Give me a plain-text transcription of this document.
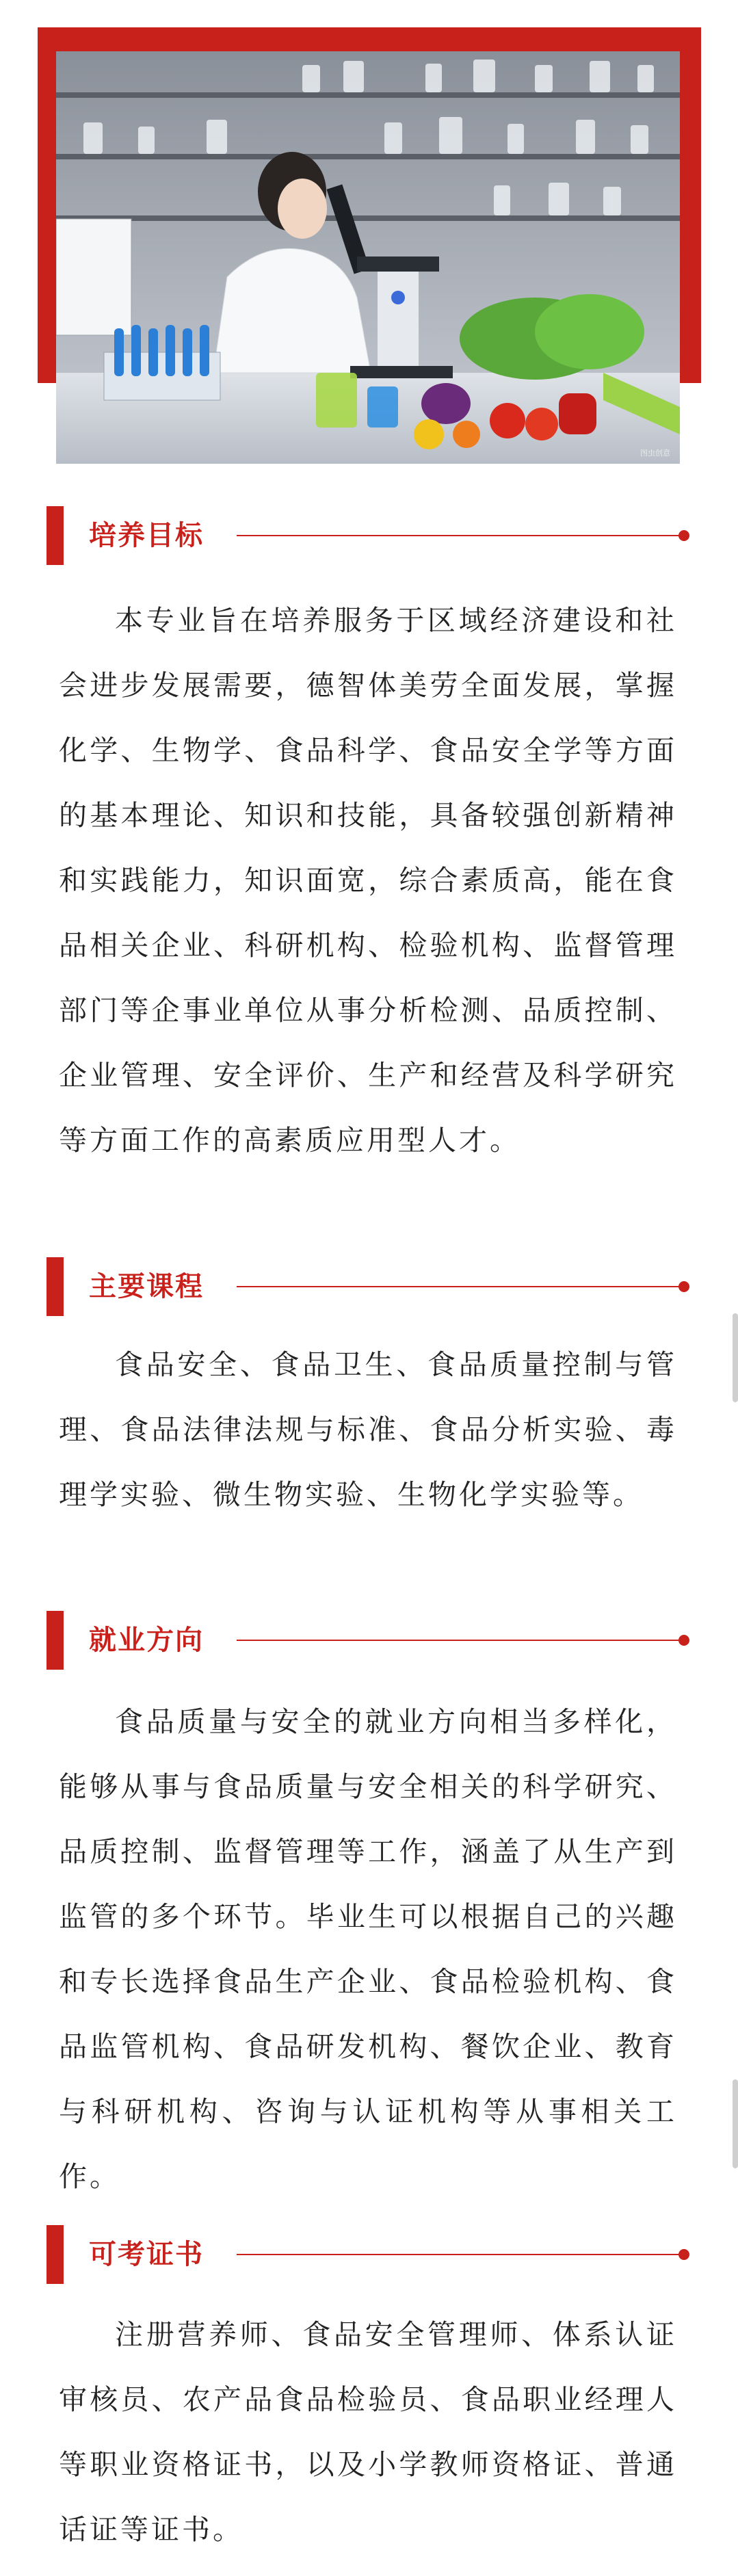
图虫创意
培养目标

本专业旨在培养服务于区域经济建设和社会进步发展需要，德智体美劳全面发展，掌握化学、生物学、食品科学、食品安全学等方面的基本理论、知识和技能，具备较强创新精神和实践能力，知识面宽，综合素质高，能在食品相关企业、科研机构、检验机构、监督管理部门等企事业单位从事分析检测、品质控制、企业管理、安全评价、生产和经营及科学研究等方面工作的高素质应用型人才。

主要课程

食品安全、食品卫生、食品质量控制与管理、食品法律法规与标准、食品分析实验、毒理学实验、微生物实验、生物化学实验等。

就业方向

食品质量与安全的就业方向相当多样化，能够从事与食品质量与安全相关的科学研究、品质控制、监督管理等工作，涵盖了从生产到监管的多个环节。毕业生可以根据自己的兴趣和专长选择食品生产企业、食品检验机构、食品监管机构、食品研发机构、餐饮企业、教育与科研机构、咨询与认证机构等从事相关工作。

可考证书

注册营养师、食品安全管理师、体系认证审核员、农产品食品检验员、食品职业经理人等职业资格证书，以及小学教师资格证、普通话证等证书。
